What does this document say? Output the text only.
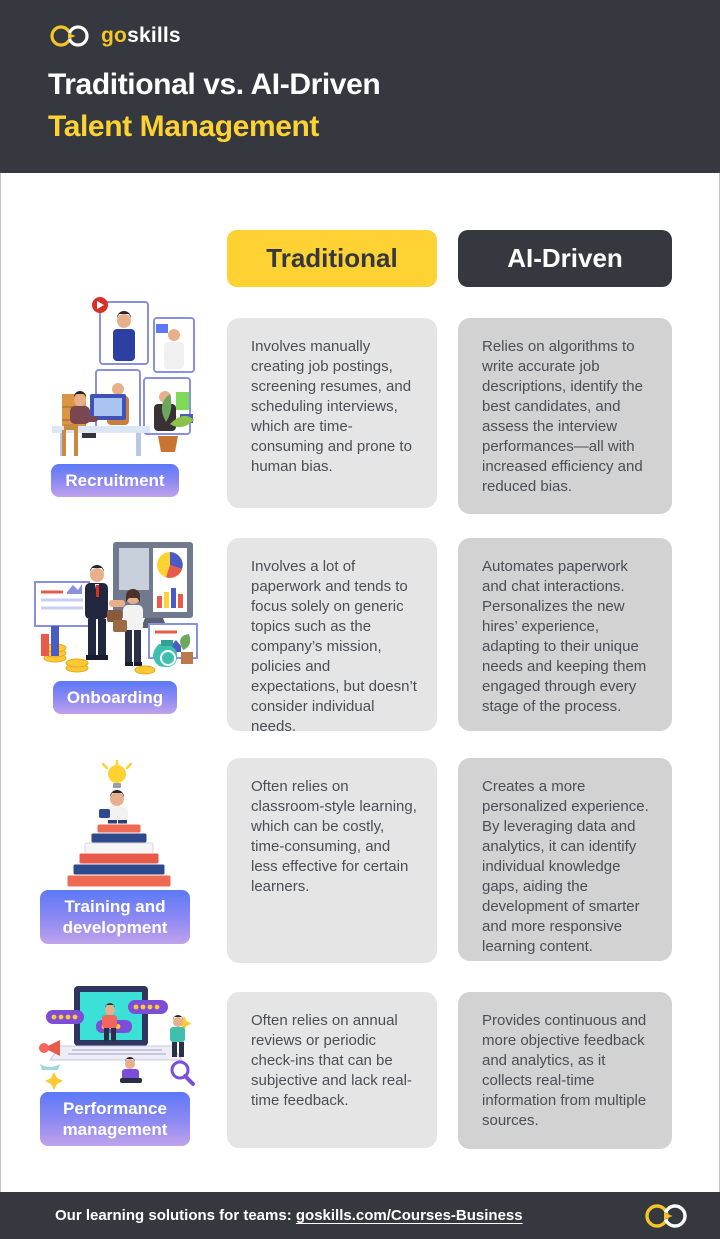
goskills
Traditional vs. AI-Driven
Talent Management
Traditional	AI-Driven
Recruitment
Involves manually creating job postings, screening resumes, and scheduling interviews, which are time-consuming and prone to human bias.
Relies on algorithms to write accurate job descriptions, identify the best candidates, and assess the interview performances—all with increased efficiency and reduced bias.
Onboarding
Involves a lot of paperwork and tends to focus solely on generic topics such as the company’s mission, policies and expectations, but doesn’t consider individual needs.
Automates paperwork and chat interactions. Personalizes the new hires’ experience, adapting to their unique needs and keeping them engaged through every stage of the process.
Training and development
Often relies on classroom-style learning, which can be costly, time-consuming, and less effective for certain learners.
Creates a more personalized experience. By leveraging data and analytics, it can identify individual knowledge gaps, aiding the development of smarter and more responsive learning content.
Performance management
Often relies on annual reviews or periodic check-ins that can be subjective and lack real-time feedback.
Provides continuous and more objective feedback and analytics, as it collects real-time information from multiple sources.

Our learning solutions for teams: goskills.com/Courses-Business
